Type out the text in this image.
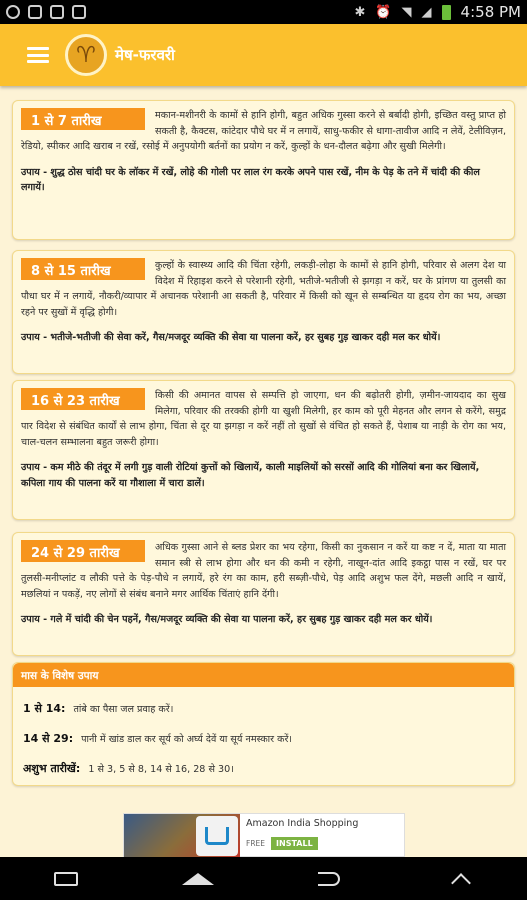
✱ ⏰ ◥ ◢ 4:58 PM
♈	मेष-फरवरी
1 से 7 तारीख	मकान-मशीनरी के कामों से हानि होगी, बहुत अधिक गुस्सा करने से बर्बादी होगी, इच्छित वस्तु प्राप्त हो सकती है, कैक्टस, कांटेदार पौधे घर में न लगायें, साधु-फकीर से धागा-तावीज आदि न लेवें, टेलीविज़न, रेडियो, स्पीकर आदि खराब न रखें, रसोई में अनुपयोगी बर्तनों का प्रयोग न करें, कुल्हों के धन-दौलत बढ़ेगा और सुखी मिलेगी।
उपाय - शुद्ध ठोस चांदी घर के लॉकर में रखें, लोहे की गोली पर लाल रंग करके अपने पास रखें, नीम के पेड़ के तने में चांदी की कील लगायें।
8 से 15 तारीख	कुल्हों के स्वास्थ्य आदि की चिंता रहेगी, लकड़ी-लोहा के कामों से हानि होगी, परिवार से अलग देश या विदेश में रिहाइश करने से परेशानी रहेगी, भतीजे-भतीजी से झगड़ा न करें, घर के प्रांगण या तुलसी का पौधा घर में न लगायें, नौकरी/व्यापार में अचानक परेशानी आ सकती है, परिवार में किसी को खून से सम्बन्धित या हृदय रोग का भय, अच्छा रहने पर सुखों में वृद्धि होगी।
उपाय - भतीजे-भतीजी की सेवा करें, गैस/मजदूर व्यक्ति की सेवा या पालना करें, हर सुबह गुड़ खाकर दही मल कर धोयें।
16 से 23 तारीख	किसी की अमानत वापस से सम्पत्ति हो जाएगा, धन की बढ़ोतरी होगी, ज़मीन-जायदाद का सुख मिलेगा, परिवार की तरक्की होगी या खुशी मिलेगी, हर काम को पूरी मेहनत और लगन से करेंगे, समुद्र पार विदेश से संबंधित कार्यों से लाभ होगा, चिंता से दूर या झगड़ा न करें नहीं तो सुखों से वंचित हो सकते हैं, पेशाब या नाड़ी के रोग का भय, चाल-चलन सम्भालना बहुत जरूरी होगा।
उपाय - कम मीठे की तंदूर में लगी गुड़ वाली रोटियां कुत्तों को खिलायें, काली माइलियों को सरसों आदि की गोलियां बना कर खिलायें, कपिला गाय की पालना करें या गौशाला में चारा डालें।
24 से 29 तारीख	अधिक गुस्सा आने से ब्लड प्रेशर का भय रहेगा, किसी का नुकसान न करें या कष्ट न दें, माता या माता समान स्त्री से लाभ होगा और धन की कमी न रहेगी, नाखून-दांत आदि इकट्ठा पास न रखें, घर पर तुलसी-मनीप्लांट व लौकी पत्ते के पेड़-पौधे न लगायें, हरे रंग का काम, हरी सब्ज़ी-पौधे, पेड़ आदि अशुभ फल देंगे, मछली आदि न खायें, मछलियां न पकड़ें, नए लोगों से संबंध बनाने मगर आर्थिक चिंताएं हानि देंगी।
उपाय - गले में चांदी की चेन पहनें, गैस/मजदूर व्यक्ति की सेवा या पालना करें, हर सुबह गुड़ खाकर दही मल कर धोयें।
मास के विशेष उपाय
1 से 14: तांबे का पैसा जल प्रवाह करें।
14 से 29: पानी में खांड डाल कर सूर्य को अर्घ्य देवें या सूर्य नमस्कार करें।
अशुभ तारीखें: 1 से 3, 5 से 8, 14 से 16, 28 से 30।
Amazon India Shopping
FREE	INSTALL
